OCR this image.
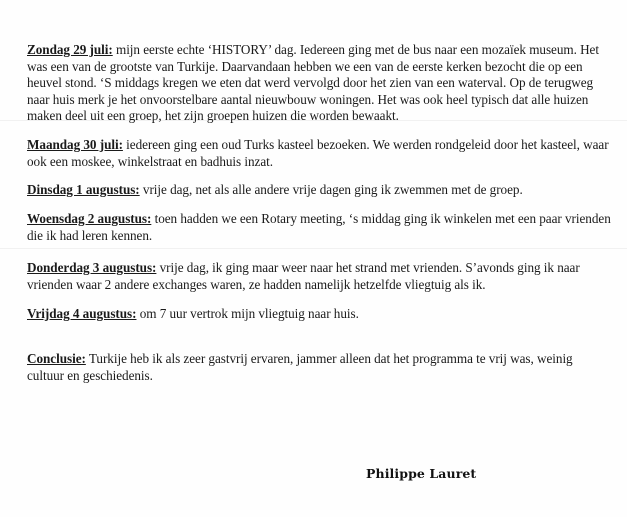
Zondag 29 juli: mijn eerste echte ‘HISTORY’ dag. Iedereen ging met de bus naar een mozaïek museum. Het was een van de grootste van Turkije. Daarvandaan hebben we een van de eerste kerken bezocht die op een heuvel stond. ‘S middags kregen we eten dat werd vervolgd door het zien van een waterval. Op de terugweg naar huis merk je het onvoorstelbare aantal nieuwbouw woningen. Het was ook heel typisch dat alle huizen maken deel uit een groep, het zijn groepen huizen die worden bewaakt.

Maandag 30 juli: iedereen ging een oud Turks kasteel bezoeken. We werden rondgeleid door het kasteel, waar ook een moskee, winkelstraat en badhuis inzat.

Dinsdag 1 augustus: vrije dag, net als alle andere vrije dagen ging ik zwemmen met de groep.

Woensdag 2 augustus: toen hadden we een Rotary meeting, ‘s middag ging ik winkelen met een paar vrienden die ik had leren kennen.

Donderdag 3 augustus: vrije dag, ik ging maar weer naar het strand met vrienden. S’avonds ging ik naar vrienden waar 2 andere exchanges waren, ze hadden namelijk hetzelfde vliegtuig als ik.

Vrijdag 4 augustus: om 7 uur vertrok mijn vliegtuig naar huis.

Conclusie: Turkije heb ik als zeer gastvrij ervaren, jammer alleen dat het programma te vrij was, weinig cultuur en geschiedenis.

Philippe Lauret
